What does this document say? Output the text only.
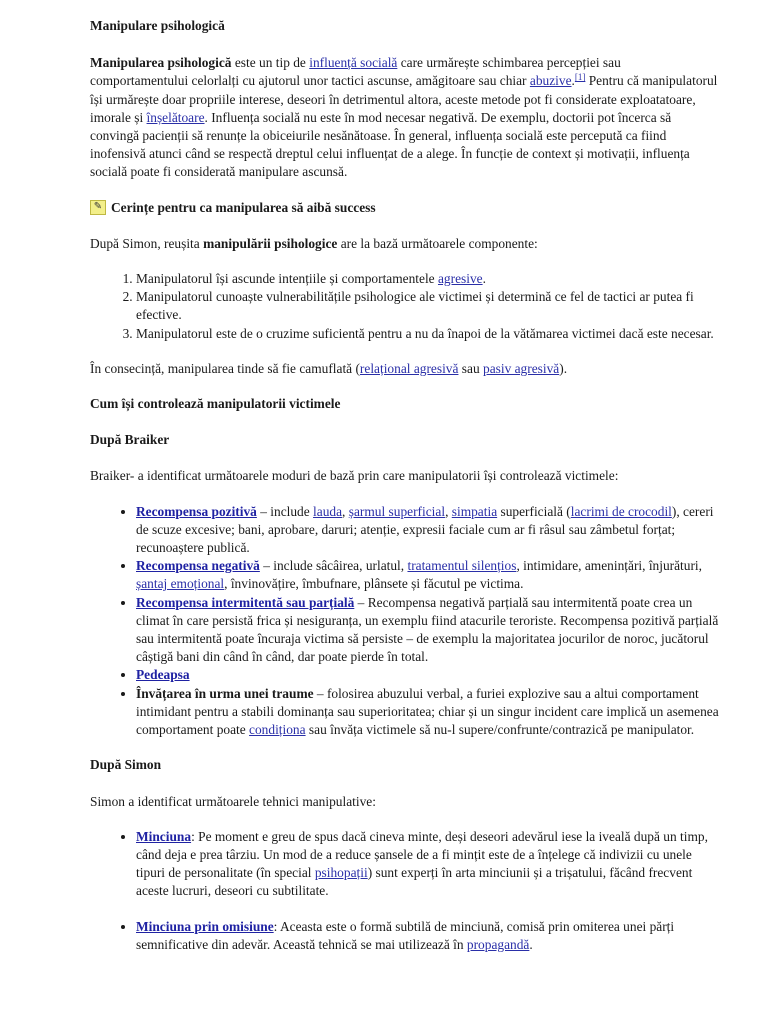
Manipulare psihologică

Manipularea psihologică este un tip de influență socială care urmărește schimbarea percepției sau comportamentului celorlalți cu ajutorul unor tactici ascunse, amăgitoare sau chiar abuzive.[1] Pentru că manipulatorul își urmărește doar propriile interese, deseori în detrimentul altora, aceste metode pot fi considerate exploatatoare, imorale și înșelătoare. Influența socială nu este în mod necesar negativă. De exemplu, doctorii pot încerca să convingă pacienții să renunțe la obiceiurile nesănătoase. În general, influența socială este percepută ca fiind inofensivă atunci când se respectă dreptul celui influențat de a alege. În funcție de context și motivații, influența socială poate fi considerată manipulare ascunsă.

✎ Cerințe pentru ca manipularea să aibă success

După Simon, reușita manipulării psihologice are la bază următoarele componente:

1. Manipulatorul își ascunde intențiile și comportamentele agresive.
2. Manipulatorul cunoaște vulnerabilitățile psihologice ale victimei și determină ce fel de tactici ar putea fi efective.
3. Manipulatorul este de o cruzime suficientă pentru a nu da înapoi de la vătămarea victimei dacă este necesar.

În consecință, manipularea tinde să fie camuflată (relațional agresivă sau pasiv agresivă).

Cum își controlează manipulatorii victimele
După Braiker

Braiker- a identificat următoarele moduri de bază prin care manipulatorii își controlează victimele:

• Recompensa pozitivă – include lauda, șarmul superficial, simpatia superficială (lacrimi de crocodil), cereri de scuze excesive; bani, aprobare, daruri; atenție, expresii faciale cum ar fi râsul sau zâmbetul forțat; recunoaștere publică.
• Recompensa negativă – include sâcâirea, urlatul, tratamentul silențios, intimidare, amenințări, înjurături, șantaj emoțional, învinovățire, îmbufnare, plânsete și făcutul pe victima.
• Recompensa intermitentă sau parțială – Recompensa negativă parțială sau intermitentă poate crea un climat în care persistă frica și nesiguranța, un exemplu fiind atacurile teroriste. Recompensa pozitivă parțială sau intermitentă poate încuraja victima să persiste – de exemplu la majoritatea jocurilor de noroc, jucătorul câștigă bani din când în când, dar poate pierde în total.
• Pedeapsa
• Învățarea în urma unei traume – folosirea abuzului verbal, a furiei explozive sau a altui comportament intimidant pentru a stabili dominanța sau superioritatea; chiar și un singur incident care implică un asemenea comportament poate condiționa sau învăța victimele să nu-l supere/confrunte/contrazică pe manipulator.
După Simon

Simon a identificat următoarele tehnici manipulative:

• Minciuna: Pe moment e greu de spus dacă cineva minte, deși deseori adevărul iese la iveală după un timp, când deja e prea târziu. Un mod de a reduce șansele de a fi mințit este de a înțelege că indivizii cu unele tipuri de personalitate (în special psihopații) sunt experți în arta minciunii și a trișatului, făcând frecvent aceste lucruri, deseori cu subtilitate.
• Minciuna prin omisiune: Aceasta este o formă subtilă de minciună, comisă prin omiterea unei părți semnificative din adevăr. Această tehnică se mai utilizează în propagandă.
